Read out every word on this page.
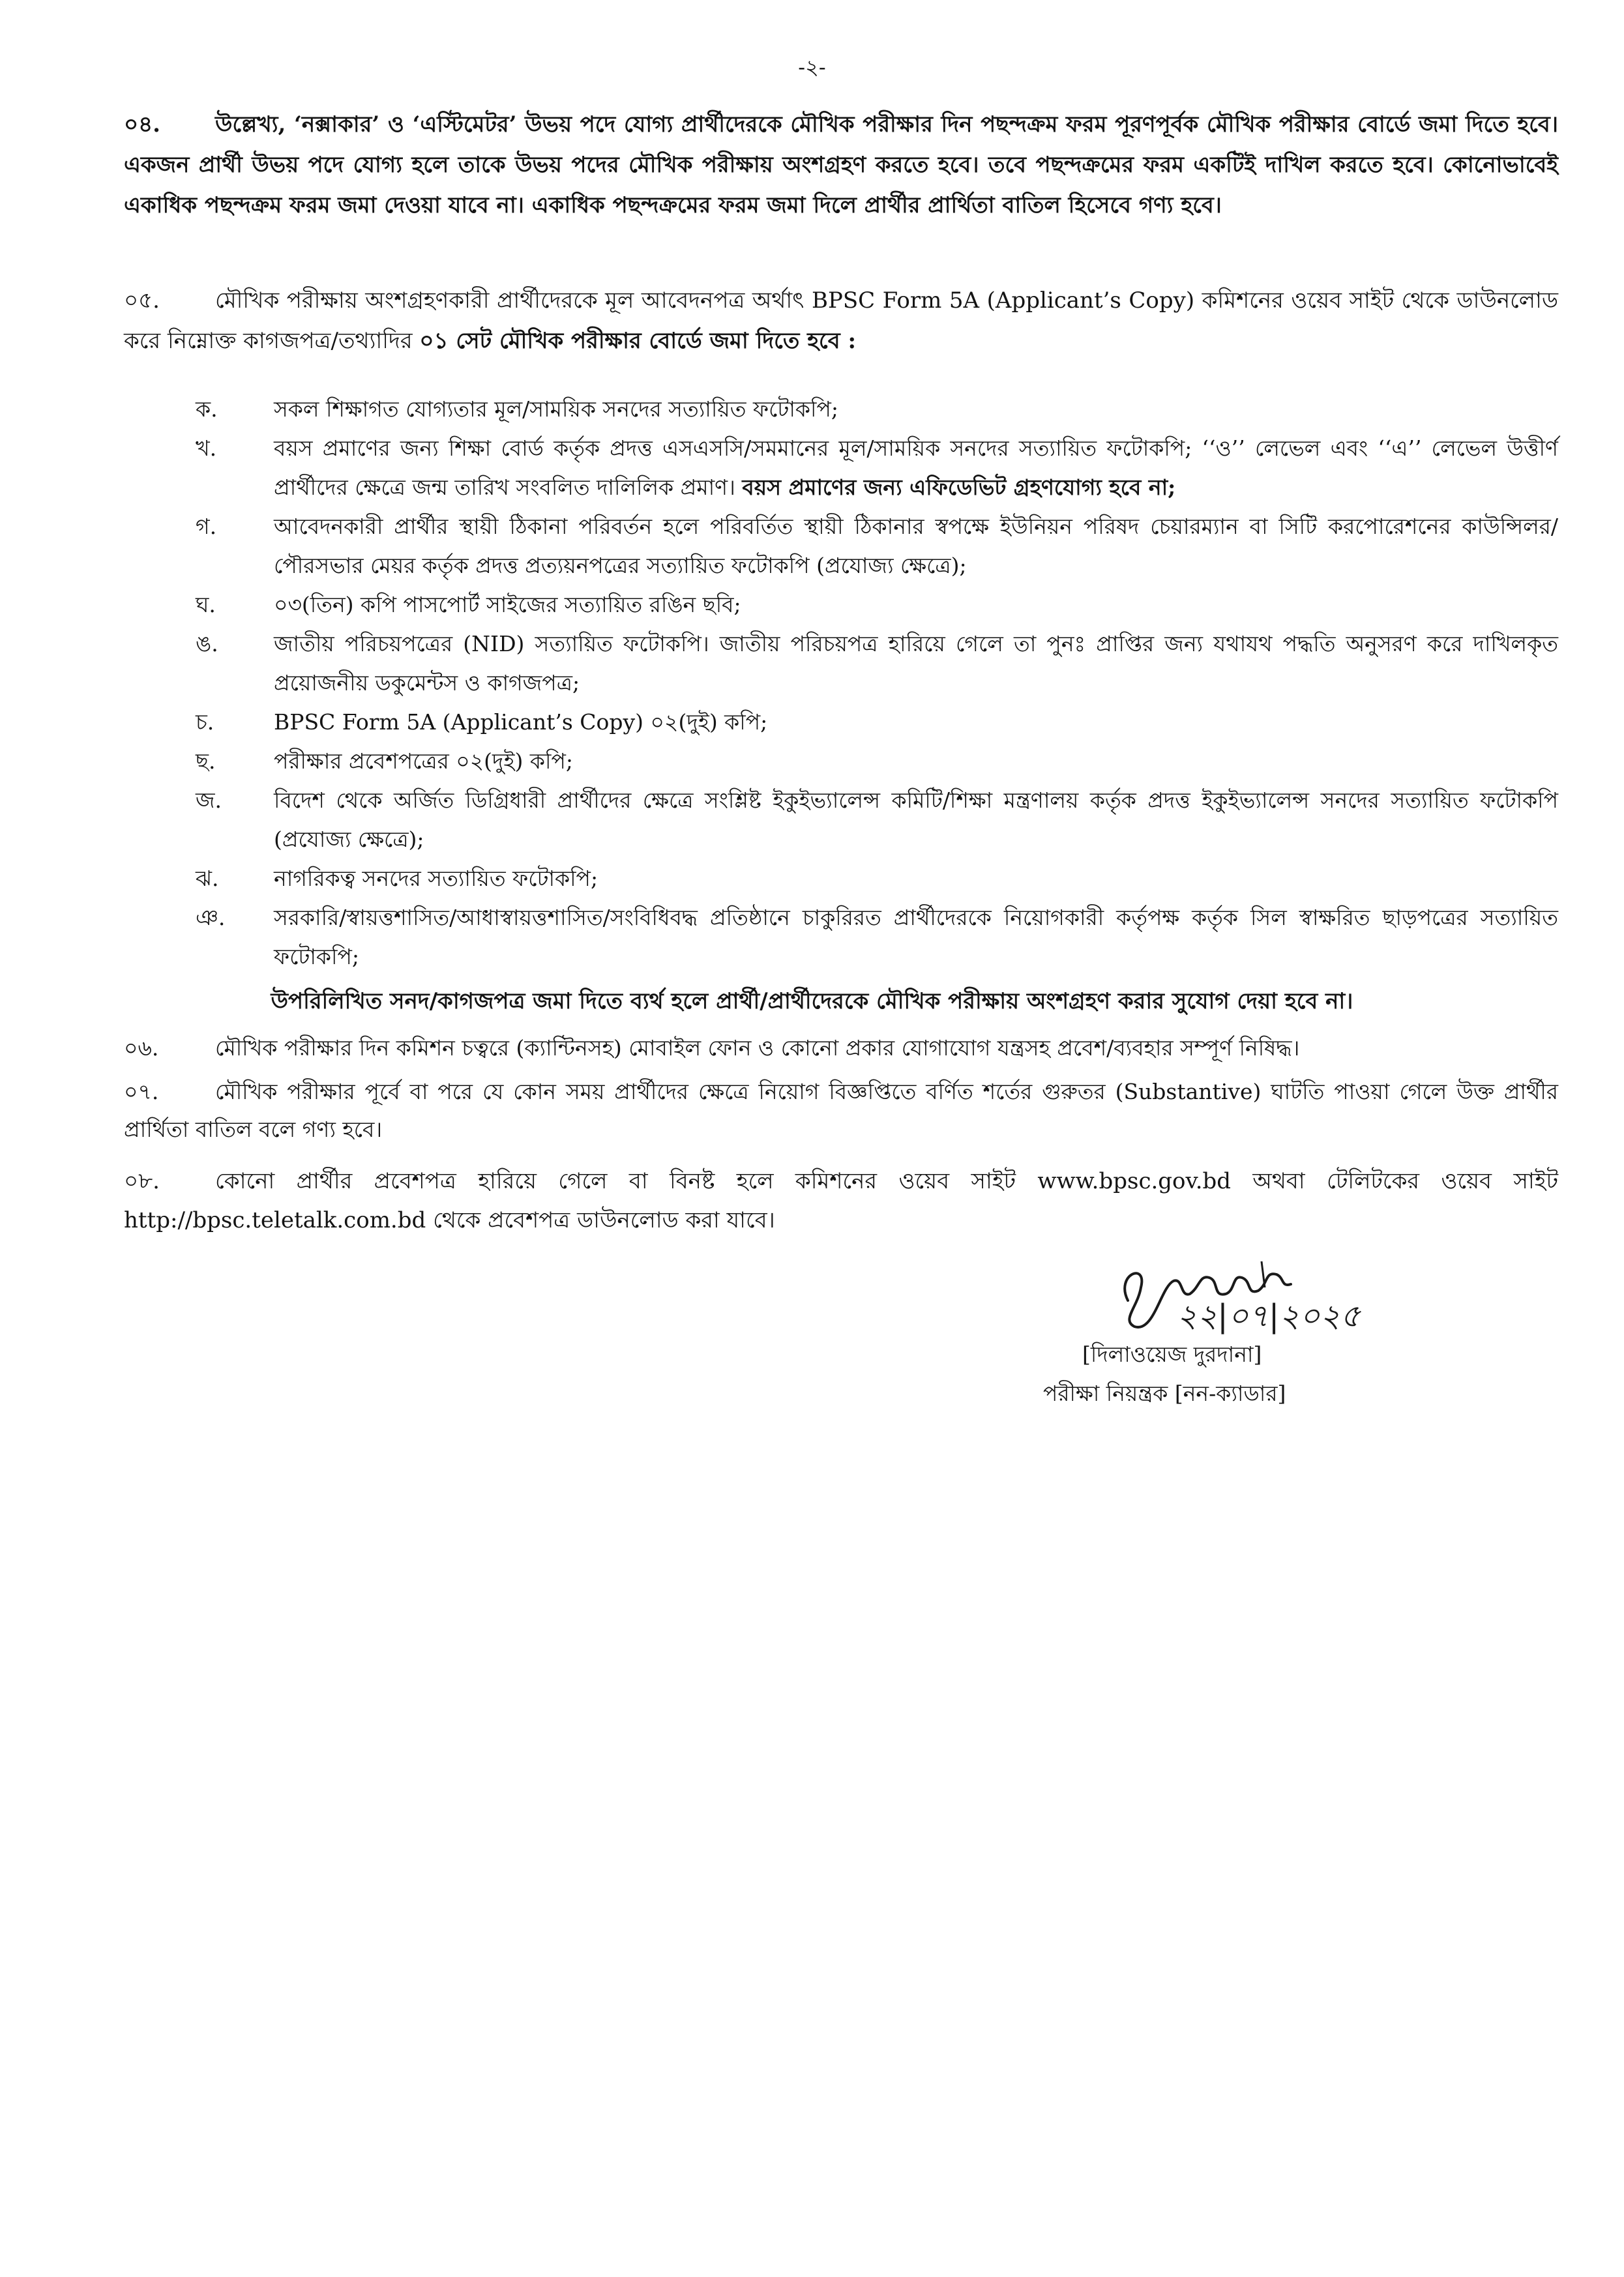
-২-
০৪. উল্লেখ্য, ‘নক্সাকার’ ও ‘এস্টিমেটর’ উভয় পদে যোগ্য প্রার্থীদেরকে মৌখিক পরীক্ষার দিন পছন্দক্রম ফরম পূরণপূর্বক মৌখিক পরীক্ষার বোর্ডে জমা দিতে হবে। একজন প্রার্থী উভয় পদে যোগ্য হলে তাকে উভয় পদের মৌখিক পরীক্ষায় অংশগ্রহণ করতে হবে। তবে পছন্দক্রমের ফরম একটিই দাখিল করতে হবে। কোনোভাবেই একাধিক পছন্দক্রম ফরম জমা দেওয়া যাবে না। একাধিক পছন্দক্রমের ফরম জমা দিলে প্রার্থীর প্রার্থিতা বাতিল হিসেবে গণ্য হবে।
০৫.	মৌখিক পরীক্ষায় অংশগ্রহণকারী প্রার্থীদেরকে মূল আবেদনপত্র অর্থাৎ BPSC Form 5A (Applicant’s Copy) কমিশনের ওয়েব সাইট থেকে ডাউনলোড করে নিম্নোক্ত কাগজপত্র/তথ্যাদির ০১ সেট মৌখিক পরীক্ষার বোর্ডে জমা দিতে হবে :
ক.	সকল শিক্ষাগত যোগ্যতার মূল/সাময়িক সনদের সত্যায়িত ফটোকপি;
খ.	বয়স প্রমাণের জন্য শিক্ষা বোর্ড কর্তৃক প্রদত্ত এসএসসি/সমমানের মূল/সাময়িক সনদের সত্যায়িত ফটোকপি; ‘‘ও’’ লেভেল এবং ‘‘এ’’ লেভেল উত্তীর্ণ প্রার্থীদের ক্ষেত্রে জন্ম তারিখ সংবলিত দালিলিক প্রমাণ। বয়স প্রমাণের জন্য এফিডেভিট গ্রহণযোগ্য হবে না;
গ.	আবেদনকারী প্রার্থীর স্থায়ী ঠিকানা পরিবর্তন হলে পরিবর্তিত স্থায়ী ঠিকানার স্বপক্ষে ইউনিয়ন পরিষদ চেয়ারম্যান বা সিটি করপোরেশনের কাউন্সিলর/পৌরসভার মেয়র কর্তৃক প্রদত্ত প্রত্যয়নপত্রের সত্যায়িত ফটোকপি (প্রযোজ্য ক্ষেত্রে);
ঘ.	০৩(তিন) কপি পাসপোর্ট সাইজের সত্যায়িত রঙিন ছবি;
ঙ.	জাতীয় পরিচয়পত্রের (NID) সত্যায়িত ফটোকপি। জাতীয় পরিচয়পত্র হারিয়ে গেলে তা পুনঃ প্রাপ্তির জন্য যথাযথ পদ্ধতি অনুসরণ করে দাখিলকৃত প্রয়োজনীয় ডকুমেন্টস ও কাগজপত্র;
চ.	BPSC Form 5A (Applicant’s Copy) ০২(দুই) কপি;
ছ.	পরীক্ষার প্রবেশপত্রের ০২(দুই) কপি;
জ.	বিদেশ থেকে অর্জিত ডিগ্রিধারী প্রার্থীদের ক্ষেত্রে সংশ্লিষ্ট ইকুইভ্যালেন্স কমিটি/শিক্ষা মন্ত্রণালয় কর্তৃক প্রদত্ত ইকুইভ্যালেন্স সনদের সত্যায়িত ফটোকপি (প্রযোজ্য ক্ষেত্রে);
ঝ.	নাগরিকত্ব সনদের সত্যায়িত ফটোকপি;
ঞ.	সরকারি/স্বায়ত্তশাসিত/আধাস্বায়ত্তশাসিত/সংবিধিবদ্ধ প্রতিষ্ঠানে চাকুরিরত প্রার্থীদেরকে নিয়োগকারী কর্তৃপক্ষ কর্তৃক সিল স্বাক্ষরিত ছাড়পত্রের সত্যায়িত ফটোকপি;
উপরিলিখিত সনদ/কাগজপত্র জমা দিতে ব্যর্থ হলে প্রার্থী/প্রার্থীদেরকে মৌখিক পরীক্ষায় অংশগ্রহণ করার সুযোগ দেয়া হবে না।
০৬.	মৌখিক পরীক্ষার দিন কমিশন চত্বরে (ক্যান্টিনসহ) মোবাইল ফোন ও কোনো প্রকার যোগাযোগ যন্ত্রসহ প্রবেশ/ব্যবহার সম্পূর্ণ নিষিদ্ধ।
০৭.	মৌখিক পরীক্ষার পূর্বে বা পরে যে কোন সময় প্রার্থীদের ক্ষেত্রে নিয়োগ বিজ্ঞপ্তিতে বর্ণিত শর্তের গুরুতর (Substantive) ঘাটতি পাওয়া গেলে উক্ত প্রার্থীর প্রার্থিতা বাতিল বলে গণ্য হবে।
০৮.	কোনো প্রার্থীর প্রবেশপত্র হারিয়ে গেলে বা বিনষ্ট হলে কমিশনের ওয়েব সাইট www.bpsc.gov.bd অথবা টেলিটকের ওয়েব সাইট http://bpsc.teletalk.com.bd থেকে প্রবেশপত্র ডাউনলোড করা যাবে।
২২|০৭|২০২৫
[দিলাওয়েজ দুরদানা]
পরীক্ষা নিয়ন্ত্রক [নন-ক্যাডার]
